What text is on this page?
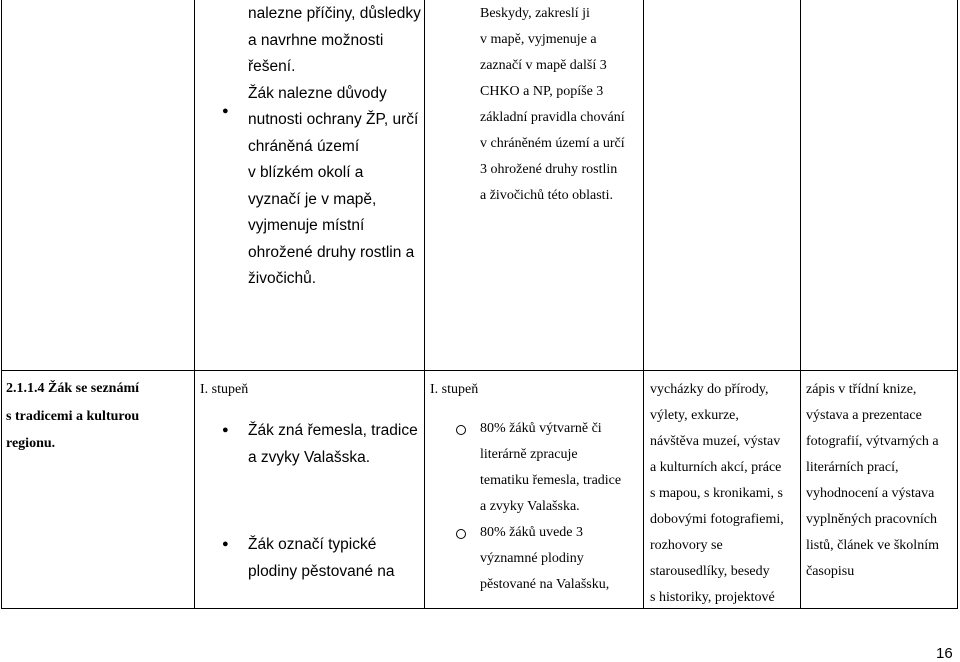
nalezne příčiny, důsledky
a navrhne možnosti
řešení.
Žák nalezne důvody
nutnosti ochrany ŽP, určí
chráněná území
v blízkém okolí a
vyznačí je v mapě,
vyjmenuje místní
ohrožené druhy rostlin a
živočichů.
●
Beskydy, zakreslí ji
v mapě, vyjmenuje a
zaznačí v mapě další 3
CHKO a NP, popíše 3
základní pravidla chování
v chráněném území a určí
3 ohrožené druhy rostlin
a živočichů této oblasti.
2.1.1.4 Žák se seznámí
s tradicemi a kulturou
regionu.
I. stupeň
● Žák zná řemesla, tradice
a zvyky Valašska.
● Žák označí typické
plodiny pěstované na
I. stupeň
80% žáků výtvarně či
literárně zpracuje
tematiku řemesla, tradice
a zvyky Valašska.
80% žáků uvede 3
významné plodiny
pěstované na Valašsku,
vycházky do přírody,
výlety, exkurze,
návštěva muzeí, výstav
a kulturních akcí, práce
s mapou, s kronikami, s
dobovými fotografiemi,
rozhovory se
starousedlíky, besedy
s historiky, projektové
zápis v třídní knize,
výstava a prezentace
fotografií, výtvarných a
literárních prací,
vyhodnocení a výstava
vyplněných pracovních
listů, článek ve školním
časopisu
16
